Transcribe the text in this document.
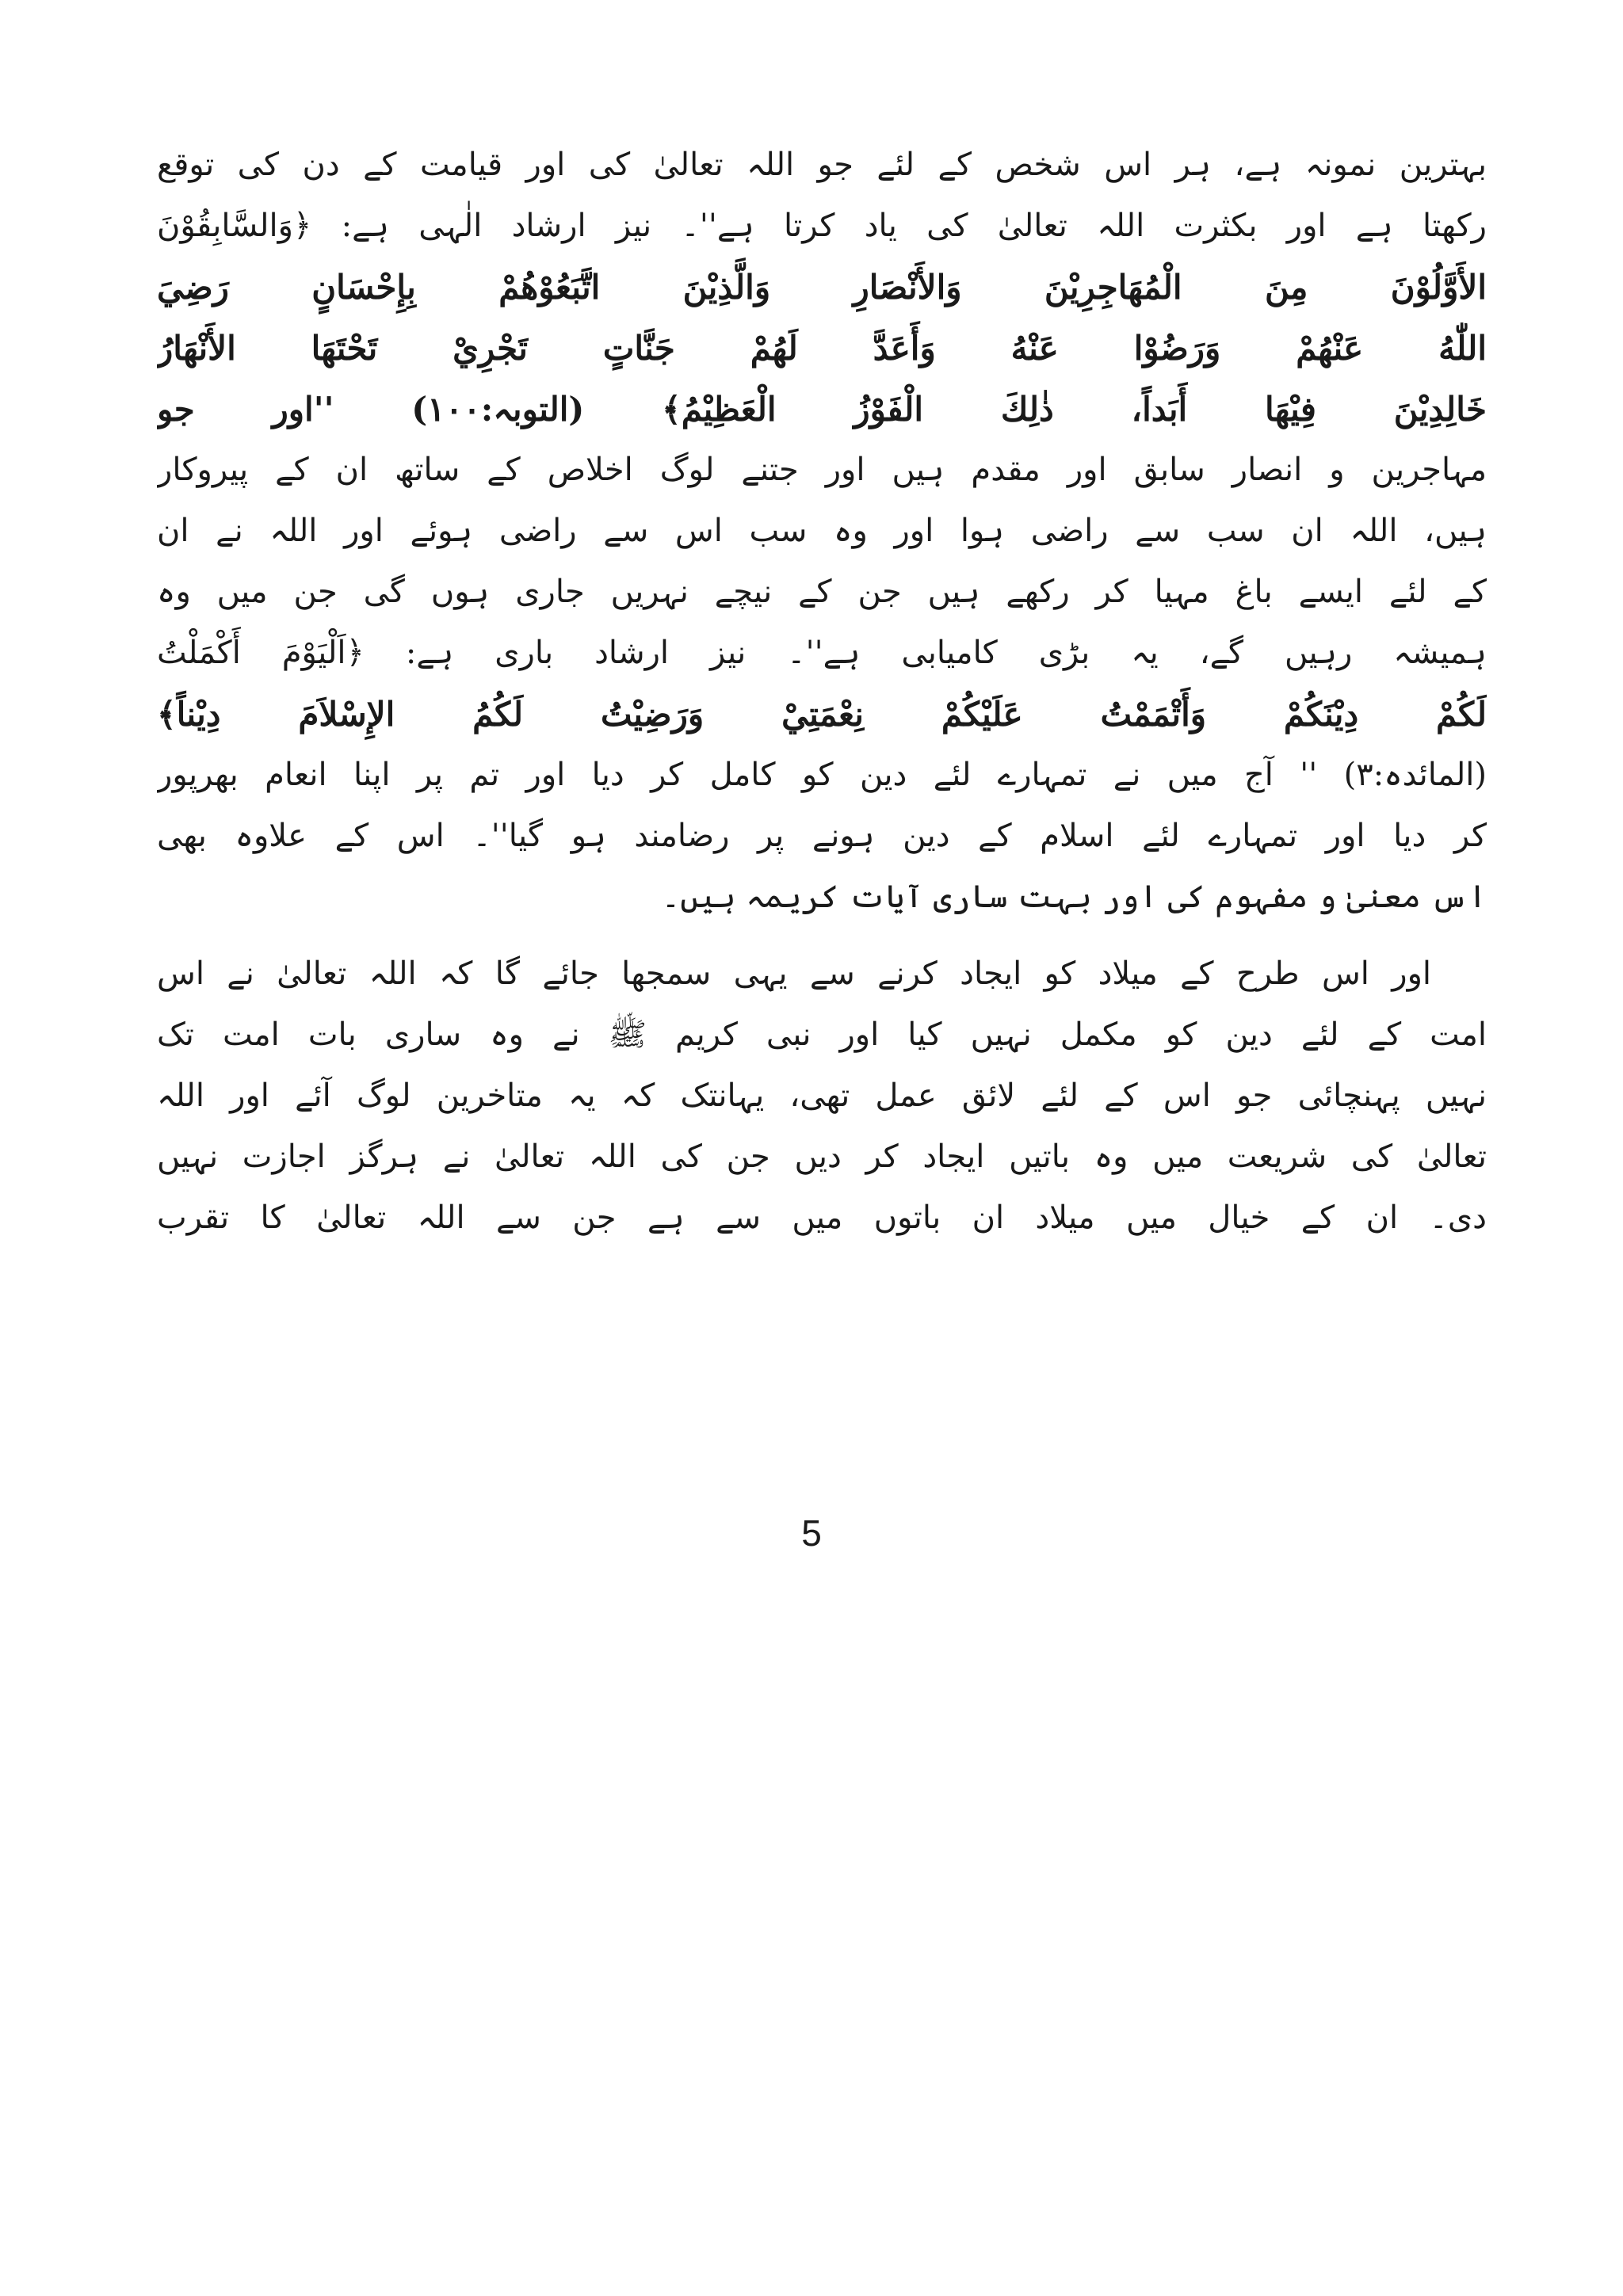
بہترین نمونہ ہے، ہر اس شخص کے لئے جو اللہ تعالیٰ کی اور قیامت کے دن کی توقع
رکھتا ہے اور بکثرت اللہ تعالیٰ کی یاد کرتا ہے''۔ نیز ارشاد الٰہی ہے: ﴿وَالسَّابِقُوْنَ
الأَوَّلُوْنَ مِنَ الْمُهَاجِرِيْنَ وَالأَنْصَارِ وَالَّذِيْنَ اتَّبَعُوْهُمْ بِإِحْسَانٍ رَضِيَ
اللّٰهُ عَنْهُمْ وَرَضُوْا عَنْهُ وَأَعَدَّ لَهُمْ جَنَّاتٍ تَجْرِيْ تَحْتَهَا الأَنْهَارُ
خَالِدِيْنَ فِيْهَا أَبَداً، ذٰلِكَ الْفَوْزُ الْعَظِيْمُ﴾ (التوبہ:١٠٠) ''اور جو
مہاجرین و انصار سابق اور مقدم ہیں اور جتنے لوگ اخلاص کے ساتھ ان کے پیروکار
ہیں، اللہ ان سب سے راضی ہوا اور وہ سب اس سے راضی ہوئے اور اللہ نے ان
کے لئے ایسے باغ مہیا کر رکھے ہیں جن کے نیچے نہریں جاری ہوں گی جن میں وہ
ہمیشہ رہیں گے، یہ بڑی کامیابی ہے''۔ نیز ارشاد باری ہے: ﴿اَلْيَوْمَ أَكْمَلْتُ
لَكُمْ دِيْنَكُمْ وَأَتْمَمْتُ عَلَيْكُمْ نِعْمَتِيْ وَرَضِيْتُ لَكُمُ الإِسْلاَمَ دِيْناً﴾
(المائدہ:٣) '' آج میں نے تمہارے لئے دین کو کامل کر دیا اور تم پر اپنا انعام بھرپور
کر دیا اور تمہارے لئے اسلام کے دین ہونے پر رضامند ہو گیا''۔ اس کے علاوہ بھی
اس معنیٰ و مفہوم کی اور بہت ساری آیات کریمہ ہیں۔
اور اس طرح کے میلاد کو ایجاد کرنے سے یہی سمجھا جائے گا کہ اللہ تعالیٰ نے اس
امت کے لئے دین کو مکمل نہیں کیا اور نبی کریم ﷺ نے وہ ساری بات امت تک
نہیں پہنچائی جو اس کے لئے لائق عمل تھی، یہانتک کہ یہ متاخرین لوگ آئے اور اللہ
تعالیٰ کی شریعت میں وہ باتیں ایجاد کر دیں جن کی اللہ تعالیٰ نے ہرگز اجازت نہیں
دی۔ ان کے خیال میں میلاد ان باتوں میں سے ہے جن سے اللہ تعالیٰ کا تقرب
5
